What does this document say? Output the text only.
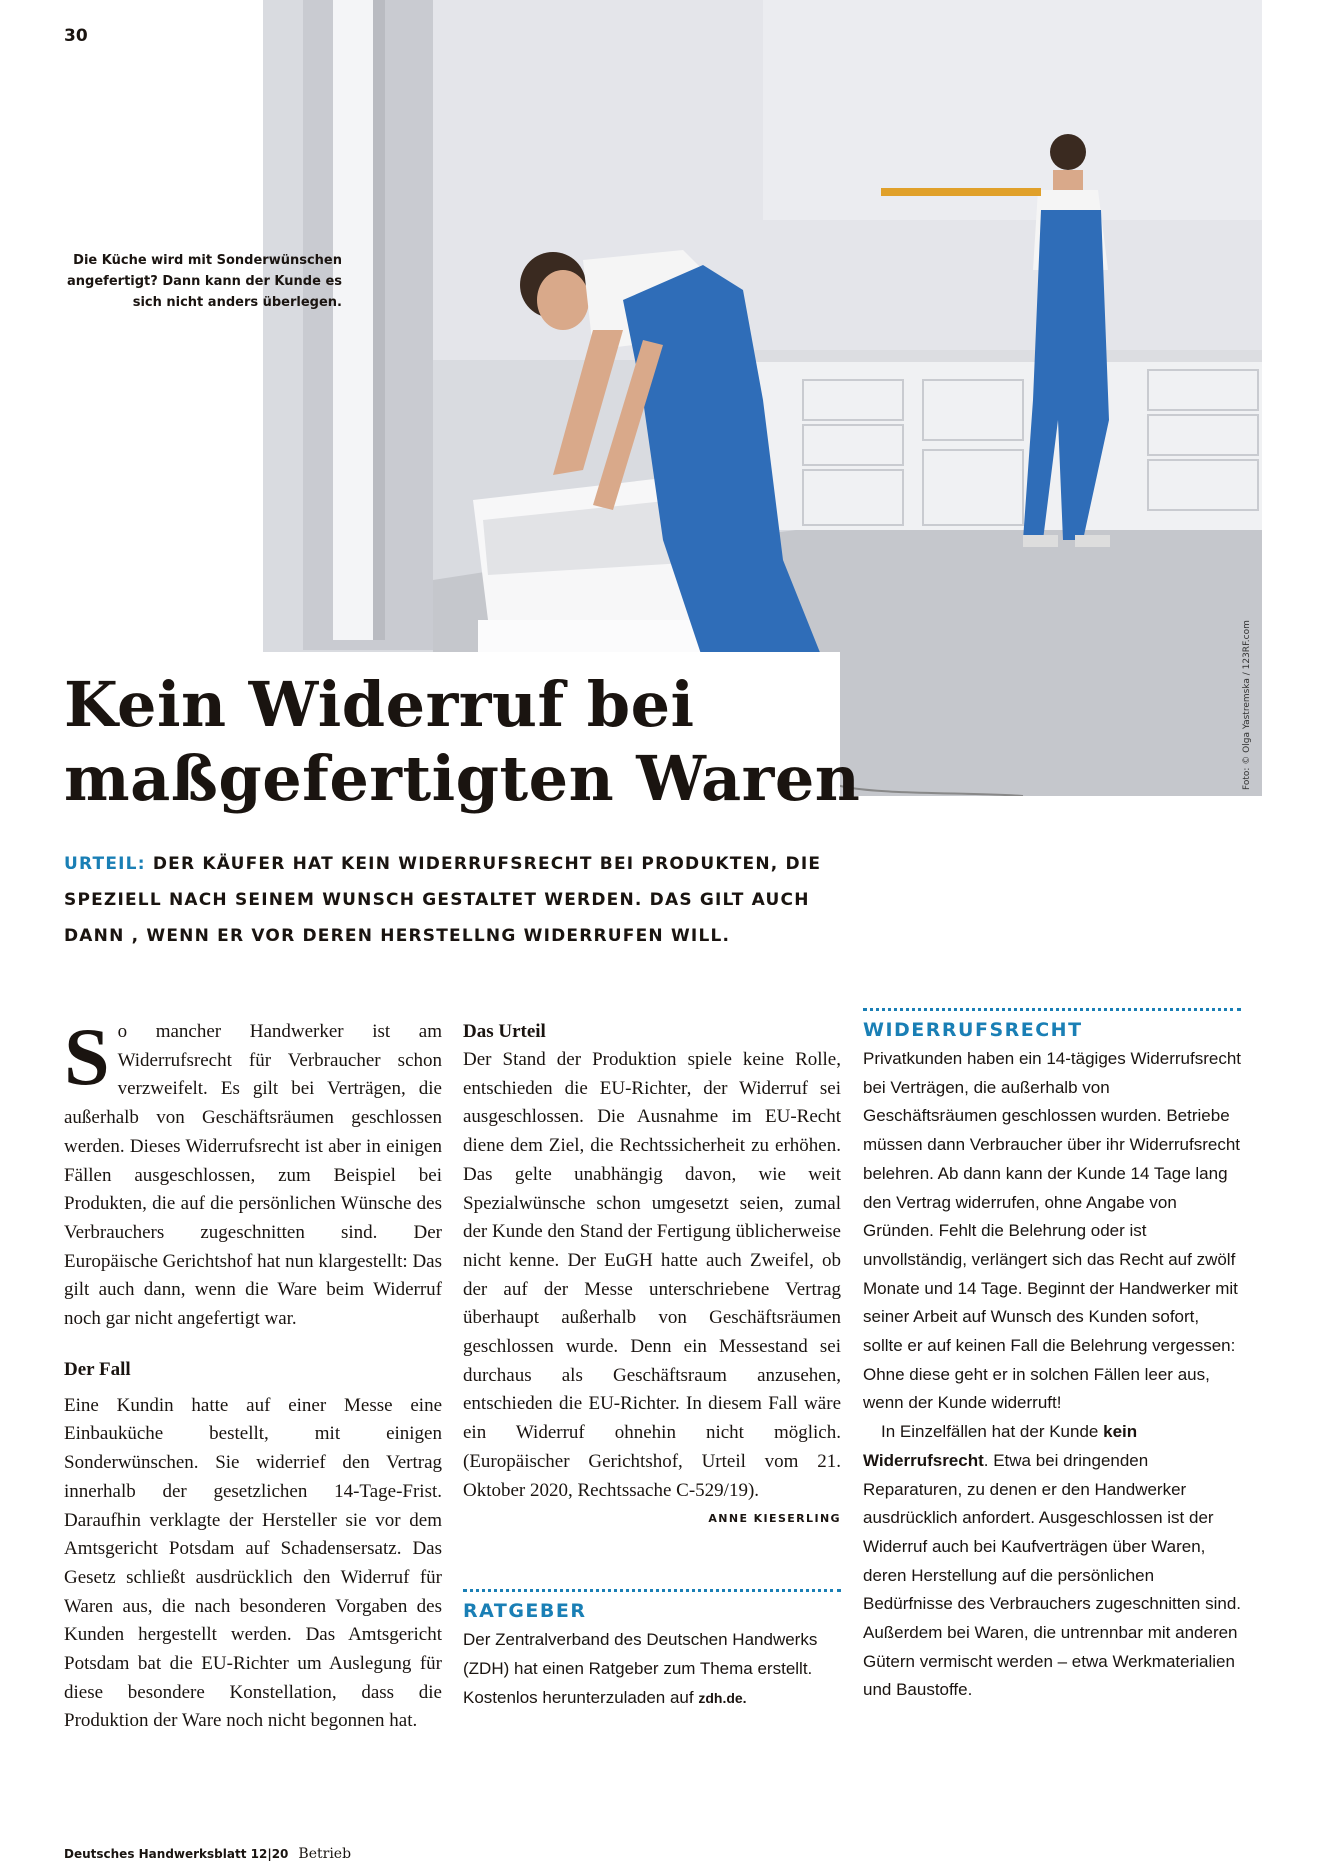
30
Die Küche wird mit Sonderwünschen angefertigt? Dann kann der Kunde es sich nicht anders überlegen.
Foto: © Olga Yastremska / 123RF.com
Kein Widerruf bei
maßgefertigten Waren
URTEIL: DER KÄUFER HAT KEIN WIDERRUFSRECHT BEI PRODUKTEN, DIE SPEZIELL NACH SEINEM WUNSCH GESTALTET WERDEN. DAS GILT AUCH DANN , WENN ER VOR DEREN HERSTELLNG WIDERRUFEN WILL.

So mancher Handwerker ist am Widerrufsrecht für Verbraucher schon verzweifelt. Es gilt bei Verträgen, die außerhalb von Geschäftsräumen geschlossen werden. Dieses Widerrufsrecht ist aber in einigen Fällen ausgeschlossen, zum Beispiel bei Produkten, die auf die persönlichen Wünsche des Verbrauchers zugeschnitten sind. Der Europäische Gerichtshof hat nun klargestellt: Das gilt auch dann, wenn die Ware beim Widerruf noch gar nicht angefertigt war.

Der Fall

Eine Kundin hatte auf einer Messe eine Einbauküche bestellt, mit einigen Sonderwünschen. Sie widerrief den Vertrag innerhalb der gesetzlichen 14-Tage-Frist. Daraufhin verklagte der Hersteller sie vor dem Amtsgericht Potsdam auf Schadensersatz. Das Gesetz schließt ausdrücklich den Widerruf für Waren aus, die nach besonderen Vorgaben des Kunden hergestellt werden. Das Amtsgericht Potsdam bat die EU-Richter um Auslegung für diese besondere Konstellation, dass die Produktion der Ware noch nicht begonnen hat.

Das Urteil

Der Stand der Produktion spiele keine Rolle, entschieden die EU-Richter, der Widerruf sei ausgeschlossen. Die Ausnahme im EU-Recht diene dem Ziel, die Rechtssicherheit zu erhöhen. Das gelte unabhängig davon, wie weit Spezialwünsche schon umgesetzt seien, zumal der Kunde den Stand der Fertigung üblicherweise nicht kenne. Der EuGH hatte auch Zweifel, ob der auf der Messe unterschriebene Vertrag überhaupt außerhalb von Geschäftsräumen geschlossen wurde. Denn ein Messestand sei durchaus als Geschäftsraum anzusehen, entschieden die EU-Richter. In diesem Fall wäre ein Widerruf ohnehin nicht möglich. (Europäischer Gerichtshof, Urteil vom 21. Oktober 2020, Rechtssache C-529/19).
ANNE KIESERLING

RATGEBER
Der Zentralverband des Deutschen Handwerks (ZDH) hat einen Ratgeber zum Thema erstellt. Kostenlos herunterzuladen auf zdh.de.
WIDERRUFSRECHT

Privatkunden haben ein 14-tägiges Widerrufsrecht bei Verträgen, die außerhalb von Geschäftsräumen geschlossen wurden. Betriebe müssen dann Verbraucher über ihr Widerrufsrecht belehren. Ab dann kann der Kunde 14 Tage lang den Vertrag widerrufen, ohne Angabe von Gründen. Fehlt die Belehrung oder ist unvollständig, verlängert sich das Recht auf zwölf Monate und 14 Tage. Beginnt der Handwerker mit seiner Arbeit auf Wunsch des Kunden sofort, sollte er auf keinen Fall die Belehrung vergessen: Ohne diese geht er in solchen Fällen leer aus, wenn der Kunde widerruft!

In Einzelfällen hat der Kunde kein Widerrufsrecht. Etwa bei dringenden Reparaturen, zu denen er den Handwerker ausdrücklich anfordert. Ausgeschlossen ist der Widerruf auch bei Kaufverträgen über Waren, deren Herstellung auf die persönlichen Bedürfnisse des Verbrauchers zugeschnitten sind. Außerdem bei Waren, die untrennbar mit anderen Gütern vermischt werden – etwa Werkmaterialien und Baustoffe.

Deutsches Handwerksblatt 12|20 Betrieb
